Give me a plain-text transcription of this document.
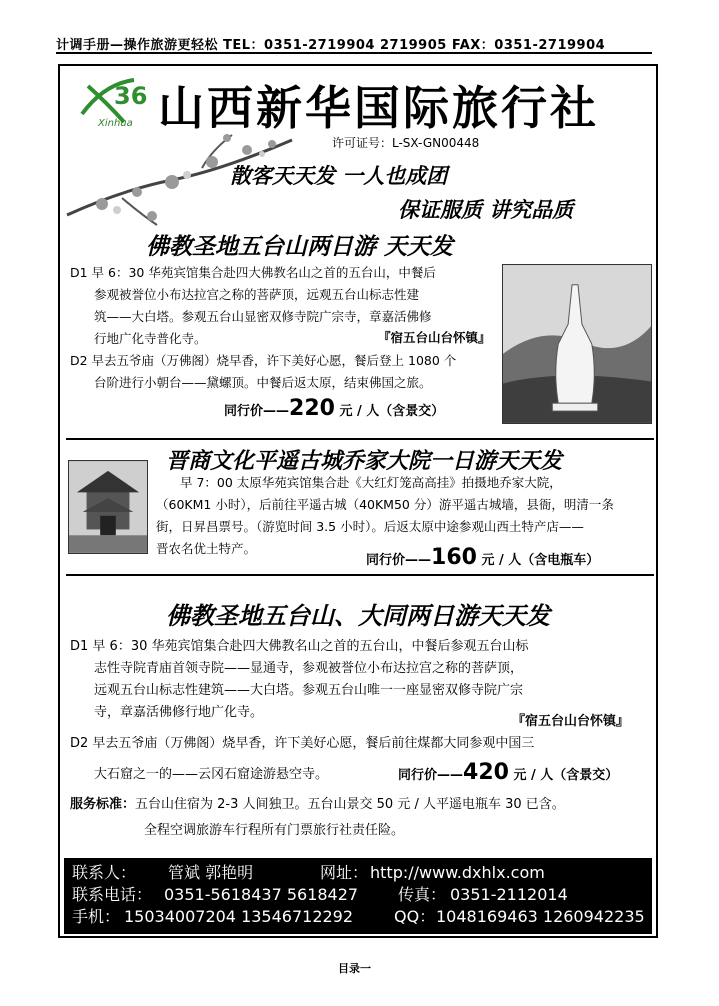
计调手册—操作旅游更轻松 TEL：0351-2719904 2719905 FAX：0351-2719904
36
Xinhua 山西新华国际旅行社
许可证号：L-SX-GN00448
散客天天发 一人也成团
保证服质 讲究品质
佛教圣地五台山两日游 天天发

D1 早 6：30 华苑宾馆集合赴四大佛教名山之首的五台山，中餐后

参观被誉位小布达拉宫之称的菩萨顶，远观五台山标志性建

筑——大白塔。参观五台山显密双修寺院广宗寺，章嘉活佛修

行地广化寺普化寺。	『宿五台山台怀镇』

D2 早去五爷庙（万佛阁）烧早香，许下美好心愿，餐后登上 1080 个

台阶进行小朝台——黛螺顶。中餐后返太原，结束佛国之旅。

同行价——220 元 / 人（含景交）
晋商文化平遥古城乔家大院一日游天天发

早 7：00 太原华苑宾馆集合赴《大红灯笼高高挂》拍摄地乔家大院，

（60KM1 小时），后前往平遥古城（40KM50 分）游平遥古城墙，县衙，明清一条

街，日昇昌票号。（游览时间 3.5 小时）。后返太原中途参观山西土特产店——

晋农名优土特产。

同行价——160 元 / 人（含电瓶车）
佛教圣地五台山、大同两日游天天发

D1 早 6：30 华苑宾馆集合赴四大佛教名山之首的五台山，中餐后参观五台山标

志性寺院青庙首领寺院——显通寺，参观被誉位小布达拉宫之称的菩萨顶，

远观五台山标志性建筑——大白塔。参观五台山唯一一座显密双修寺院广宗

寺，章嘉活佛修行地广化寺。

『宿五台山台怀镇』
D2 早去五爷庙（万佛阁）烧早香，许下美好心愿，餐后前往煤都大同参观中国三
大石窟之一的——云冈石窟途游悬空寺。	同行价——420 元 / 人（含景交）

服务标准：五台山住宿为 2-3 人间独卫。五台山景交 50 元 / 人平遥电瓶车 30 已含。

全程空调旅游车行程所有门票旅行社责任险。
联系人： 管斌 郭艳明	网址： http://www.dxhlx.com
联系电话： 0351-5618437 5618427 传真： 0351-2112014
手机： 15034007204 13546712292	QQ： 1048169463 1260942235
目录一
